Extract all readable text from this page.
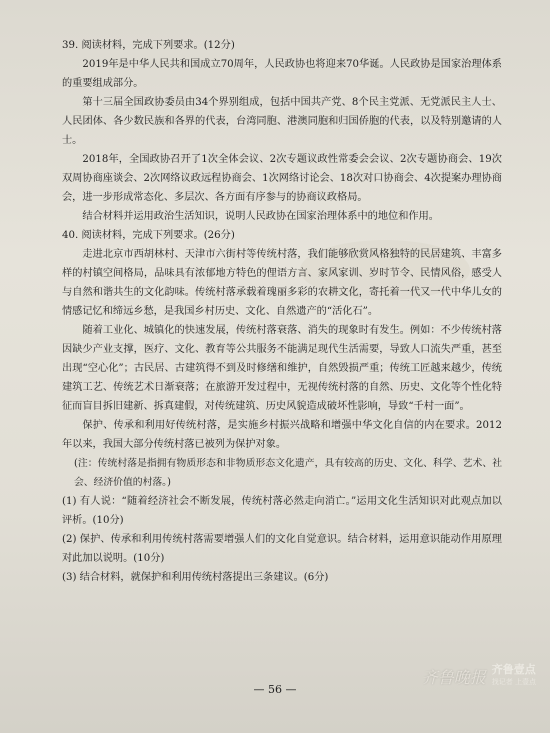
39. 阅读材料，完成下列要求。(12分)

2019年是中华人民共和国成立70周年，人民政协也将迎来70华诞。人民政协是国家治理体系的重要组成部分。

第十三届全国政协委员由34个界别组成，包括中国共产党、8个民主党派、无党派民主人士、人民团体、各少数民族和各界的代表，台湾同胞、港澳同胞和归国侨胞的代表，以及特别邀请的人士。

2018年，全国政协召开了1次全体会议、2次专题议政性常委会会议、2次专题协商会、19次双周协商座谈会、2次网络议政远程协商会、1次网络讨论会、18次对口协商会、4次提案办理协商会，进一步形成常态化、多层次、各方面有序参与的协商议政格局。

结合材料并运用政治生活知识，说明人民政协在国家治理体系中的地位和作用。

40. 阅读材料，完成下列要求。(26分)

走进北京市西胡林村、天津市六街村等传统村落，我们能够欣赏风格独特的民居建筑、丰富多样的村镇空间格局，品味具有浓郁地方特色的俚语方言、家风家训、岁时节令、民情风俗，感受人与自然和谐共生的文化韵味。传统村落承载着瑰丽多彩的农耕文化，寄托着一代又一代中华儿女的情感记忆和缔远乡愁，是我国乡村历史、文化、自然遗产的“活化石”。

随着工业化、城镇化的快速发展，传统村落衰落、消失的现象时有发生。例如：不少传统村落因缺少产业支撑，医疗、文化、教育等公共服务不能满足现代生活需要，导致人口流失严重，甚至出现“空心化”；古民居、古建筑得不到及时修缮和维护，自然毁损严重；传统工匠越来越少，传统建筑工艺、传统艺术日渐衰落；在旅游开发过程中，无视传统村落的自然、历史、文化等个性化特征而盲目拆旧建新、拆真建假，对传统建筑、历史风貌造成破坏性影响，导致“千村一面”。

保护、传承和利用好传统村落，是实施乡村振兴战略和增强中华文化自信的内在要求。2012年以来，我国大部分传统村落已被列为保护对象。

(注：传统村落是指拥有物质形态和非物质形态文化遗产，具有较高的历史、文化、科学、艺术、社会、经济价值的村落。)

(1) 有人说：“随着经济社会不断发展，传统村落必然走向消亡。”运用文化生活知识对此观点加以评析。(10分)

(2) 保护、传承和利用传统村落需要增强人们的文化自觉意识。结合材料，运用意识能动作用原理对此加以说明。(10分)

(3) 结合材料，就保护和利用传统村落提出三条建议。(6分)

— 56 —
齐鲁晚报 齐鲁壹点
找记者 上壹点
